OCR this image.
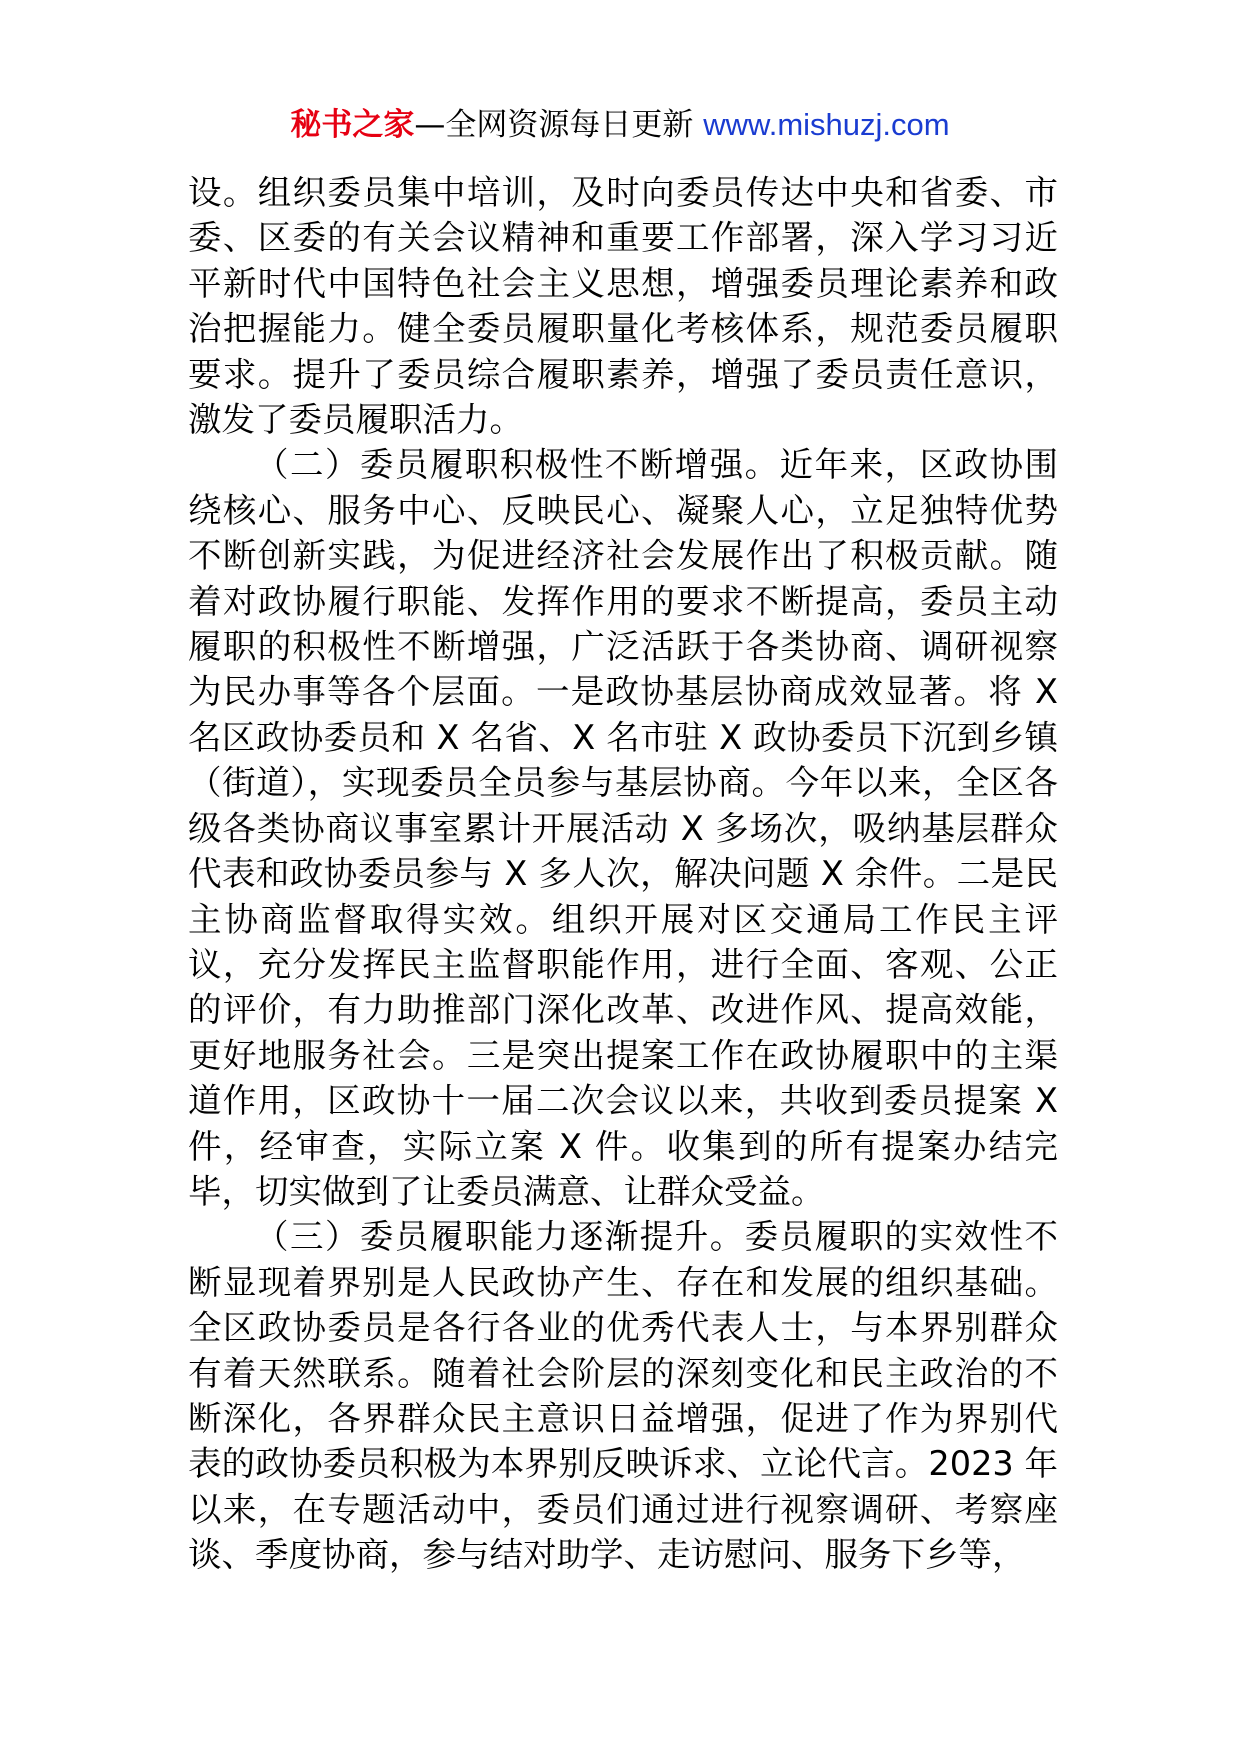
秘书之家—全网资源每日更新 www.mishuzj.com

设。组织委员集中培训，及时向委员传达中央和省委、市委、区委的有关会议精神和重要工作部署，深入学习习近平新时代中国特色社会主义思想，增强委员理论素养和政治把握能力。健全委员履职量化考核体系，规范委员履职要求。提升了委员综合履职素养，增强了委员责任意识，激发了委员履职活力。

（二）委员履职积极性不断增强。近年来，区政协围绕核心、服务中心、反映民心、凝聚人心，立足独特优势不断创新实践，为促进经济社会发展作出了积极贡献。随着对政协履行职能、发挥作用的要求不断提高，委员主动履职的积极性不断增强，广泛活跃于各类协商、调研视察为民办事等各个层面。一是政协基层协商成效显著。将 X 名区政协委员和 X 名省、X 名市驻 X 政协委员下沉到乡镇（街道），实现委员全员参与基层协商。今年以来，全区各级各类协商议事室累计开展活动 X 多场次，吸纳基层群众代表和政协委员参与 X 多人次，解决问题 X 余件。二是民主协商监督取得实效。组织开展对区交通局工作民主评议，充分发挥民主监督职能作用，进行全面、客观、公正的评价，有力助推部门深化改革、改进作风、提高效能，更好地服务社会。三是突出提案工作在政协履职中的主渠道作用，区政协十一届二次会议以来，共收到委员提案 X 件，经审查，实际立案 X 件。收集到的所有提案办结完毕，切实做到了让委员满意、让群众受益。

（三）委员履职能力逐渐提升。委员履职的实效性不断显现着界别是人民政协产生、存在和发展的组织基础。全区政协委员是各行各业的优秀代表人士，与本界别群众有着天然联系。随着社会阶层的深刻变化和民主政治的不断深化，各界群众民主意识日益增强，促进了作为界别代表的政协委员积极为本界别反映诉求、立论代言。2023 年以来，在专题活动中，委员们通过进行视察调研、考察座谈、季度协商，参与结对助学、走访慰问、服务下乡等，
